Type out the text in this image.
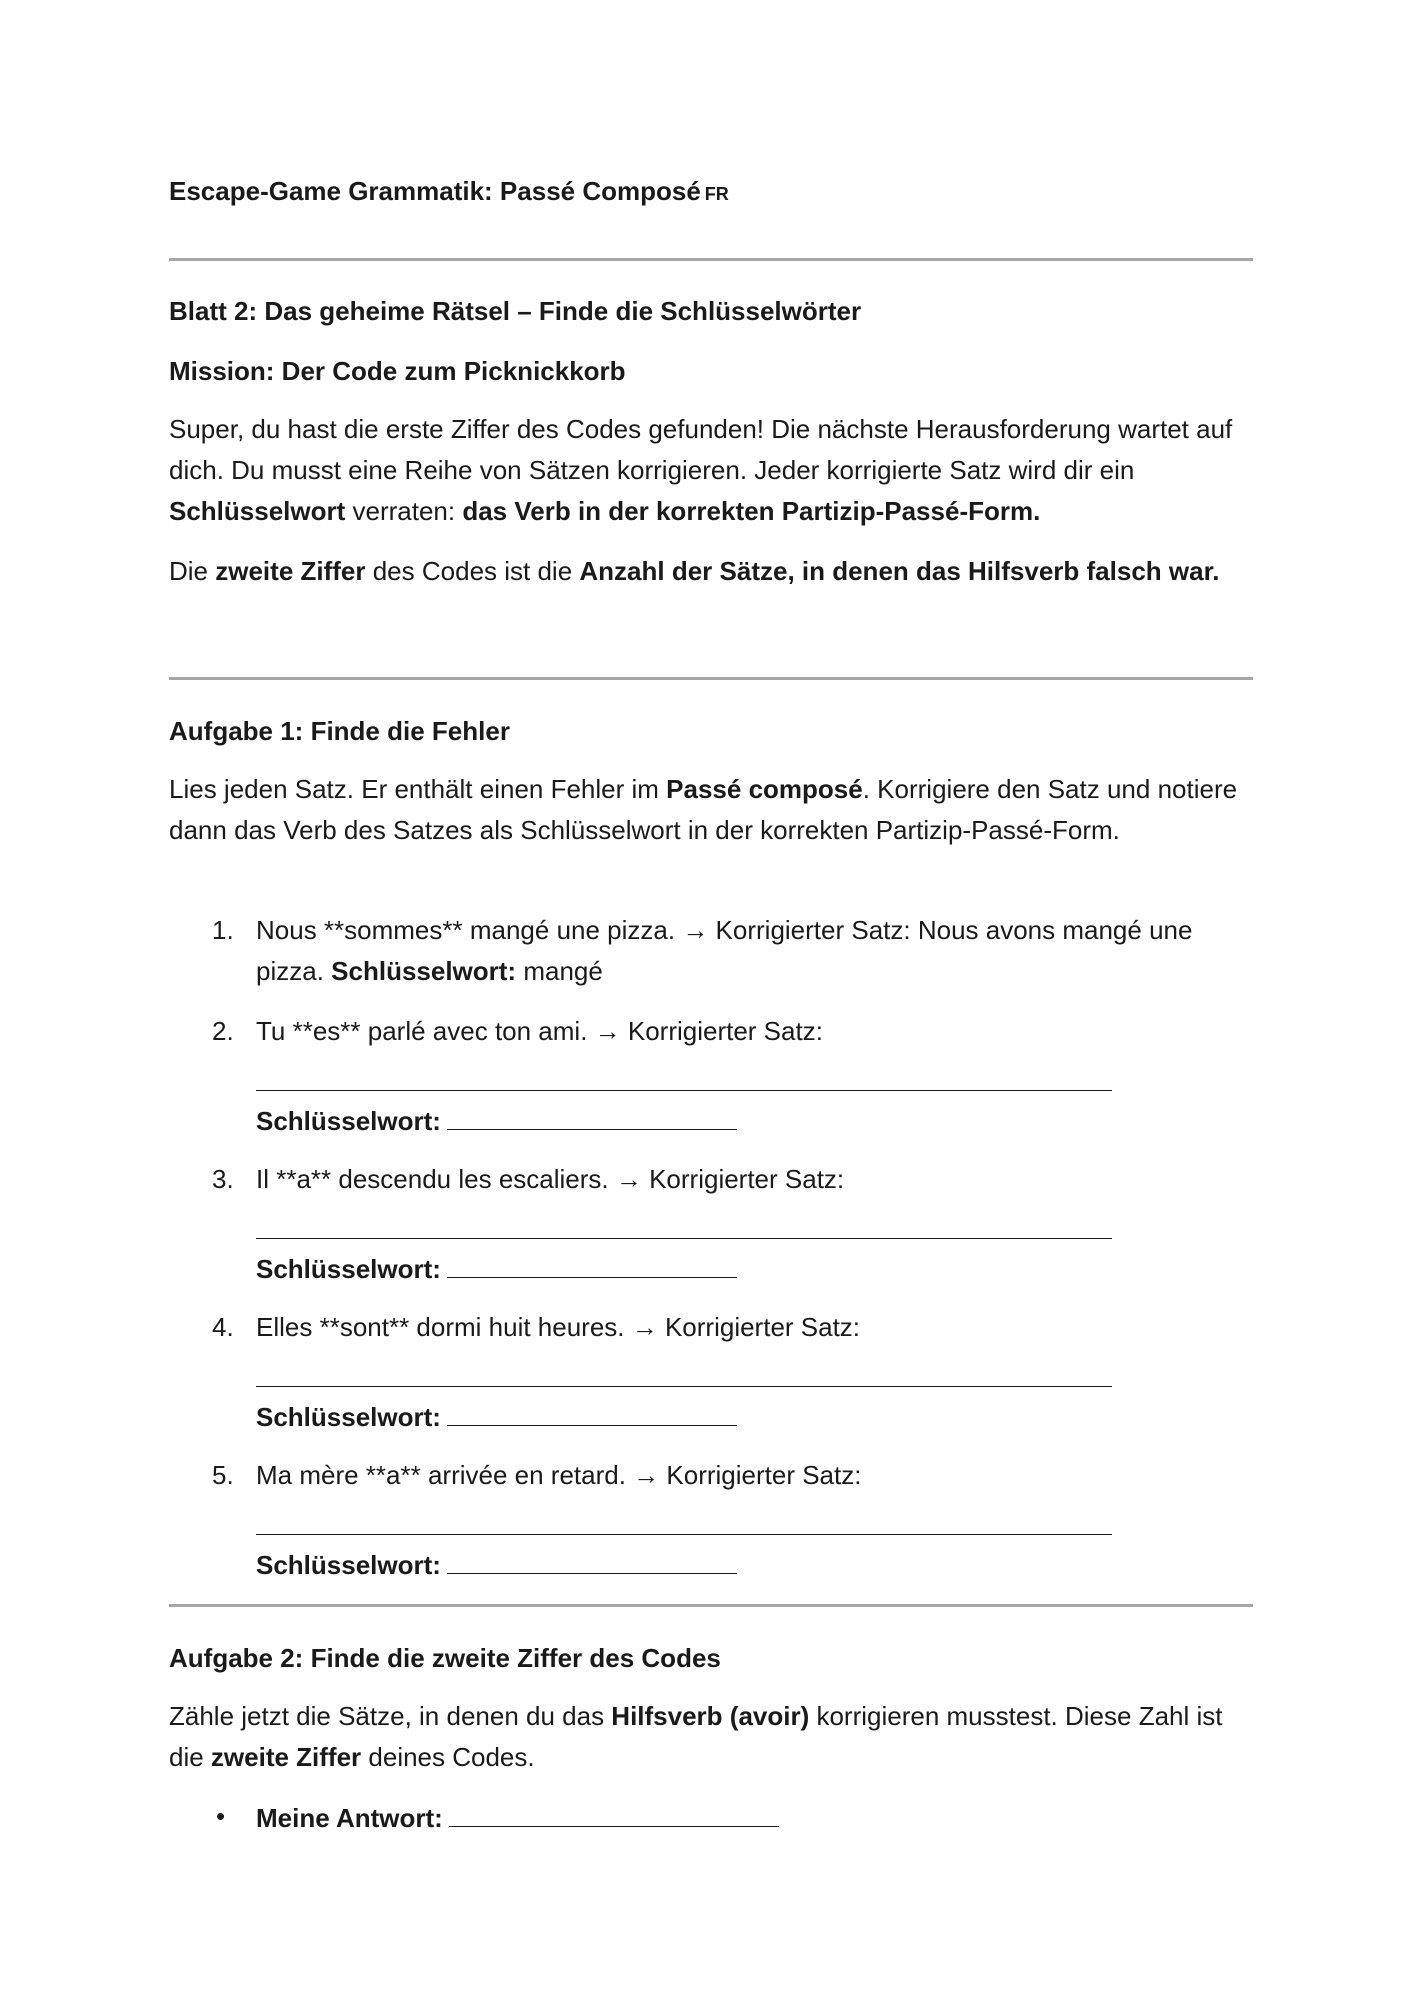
Escape-Game Grammatik: Passé Composé FR
Blatt 2: Das geheime Rätsel – Finde die Schlüsselwörter
Mission: Der Code zum Picknickkorb
Super, du hast die erste Ziffer des Codes gefunden! Die nächste Herausforderung wartet auf dich. Du musst eine Reihe von Sätzen korrigieren. Jeder korrigierte Satz wird dir ein Schlüsselwort verraten: das Verb in der korrekten Partizip-Passé-Form.
Die zweite Ziffer des Codes ist die Anzahl der Sätze, in denen das Hilfsverb falsch war.
Aufgabe 1: Finde die Fehler
Lies jeden Satz. Er enthält einen Fehler im Passé composé. Korrigiere den Satz und notiere dann das Verb des Satzes als Schlüsselwort in der korrekten Partizip-Passé-Form.
1. Nous **sommes** mangé une pizza. → Korrigierter Satz: Nous avons mangé une pizza. Schlüsselwort: mangé
2. Tu **es** parlé avec ton ami. → Korrigierter Satz:
Schlüsselwort:
3. Il **a** descendu les escaliers. → Korrigierter Satz:
Schlüsselwort:
4. Elles **sont** dormi huit heures. → Korrigierter Satz:
Schlüsselwort:
5. Ma mère **a** arrivée en retard. → Korrigierter Satz:
Schlüsselwort:
Aufgabe 2: Finde die zweite Ziffer des Codes
Zähle jetzt die Sätze, in denen du das Hilfsverb (avoir) korrigieren musstest. Diese Zahl ist die zweite Ziffer deines Codes.
• Meine Antwort:
